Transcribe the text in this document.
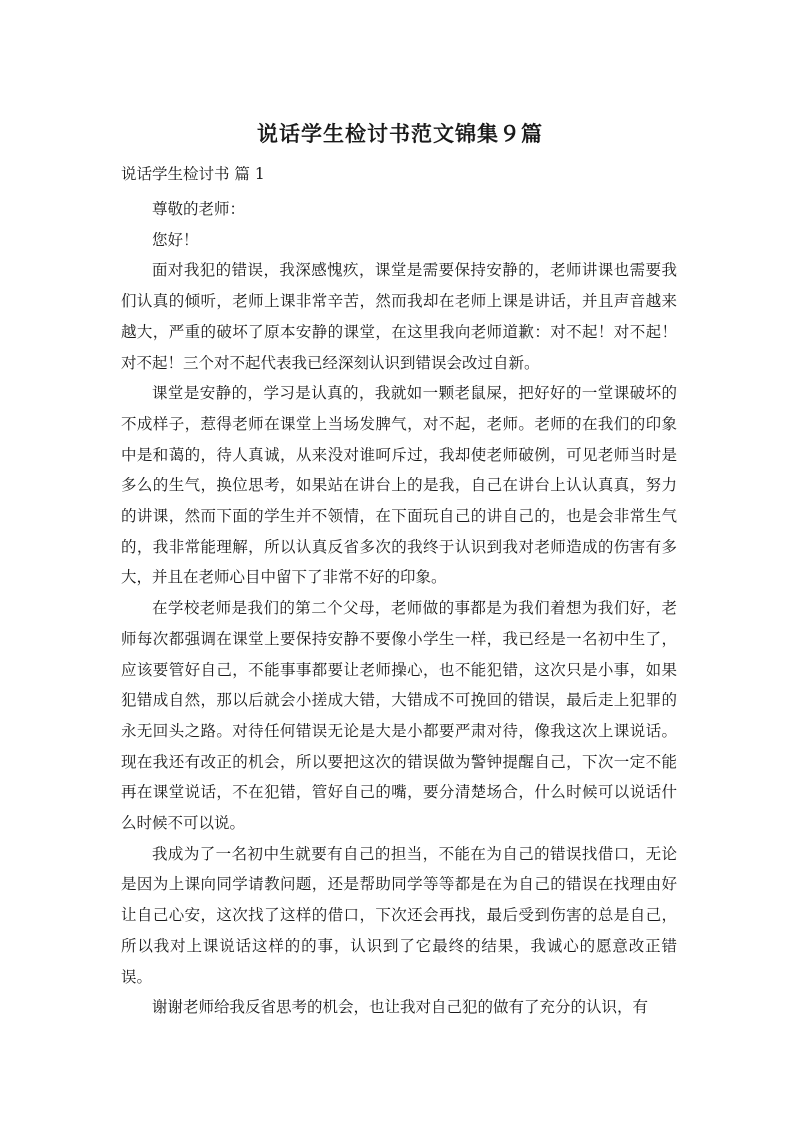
说话学生检讨书范文锦集９篇
说话学生检讨书 篇 1

尊敬的老师：

您好！

面对我犯的错误，我深感愧疚，课堂是需要保持安静的，老师讲课也需要我们认真的倾听，老师上课非常辛苦，然而我却在老师上课是讲话，并且声音越来越大，严重的破坏了原本安静的课堂，在这里我向老师道歉：对不起！对不起！对不起！三个对不起代表我已经深刻认识到错误会改过自新。

课堂是安静的，学习是认真的，我就如一颗老鼠屎，把好好的一堂课破坏的不成样子，惹得老师在课堂上当场发脾气，对不起，老师。老师的在我们的印象中是和蔼的，待人真诚，从来没对谁呵斥过，我却使老师破例，可见老师当时是多么的生气，换位思考，如果站在讲台上的是我，自己在讲台上认认真真，努力的讲课，然而下面的学生并不领情，在下面玩自己的讲自己的，也是会非常生气的，我非常能理解，所以认真反省多次的我终于认识到我对老师造成的伤害有多大，并且在老师心目中留下了非常不好的印象。

在学校老师是我们的第二个父母，老师做的事都是为我们着想为我们好，老师每次都强调在课堂上要保持安静不要像小学生一样，我已经是一名初中生了，应该要管好自己，不能事事都要让老师操心，也不能犯错，这次只是小事，如果犯错成自然，那以后就会小搓成大错，大错成不可挽回的错误，最后走上犯罪的永无回头之路。对待任何错误无论是大是小都要严肃对待，像我这次上课说话。现在我还有改正的机会，所以要把这次的错误做为警钟提醒自己，下次一定不能再在课堂说话，不在犯错，管好自己的嘴，要分清楚场合，什么时候可以说话什么时候不可以说。

我成为了一名初中生就要有自己的担当，不能在为自己的错误找借口，无论是因为上课向同学请教问题，还是帮助同学等等都是在为自己的错误在找理由好让自己心安，这次找了这样的借口，下次还会再找，最后受到伤害的总是自己，所以我对上课说话这样的的事，认识到了它最终的结果，我诚心的愿意改正错误。

谢谢老师给我反省思考的机会，也让我对自己犯的做有了充分的认识，有
